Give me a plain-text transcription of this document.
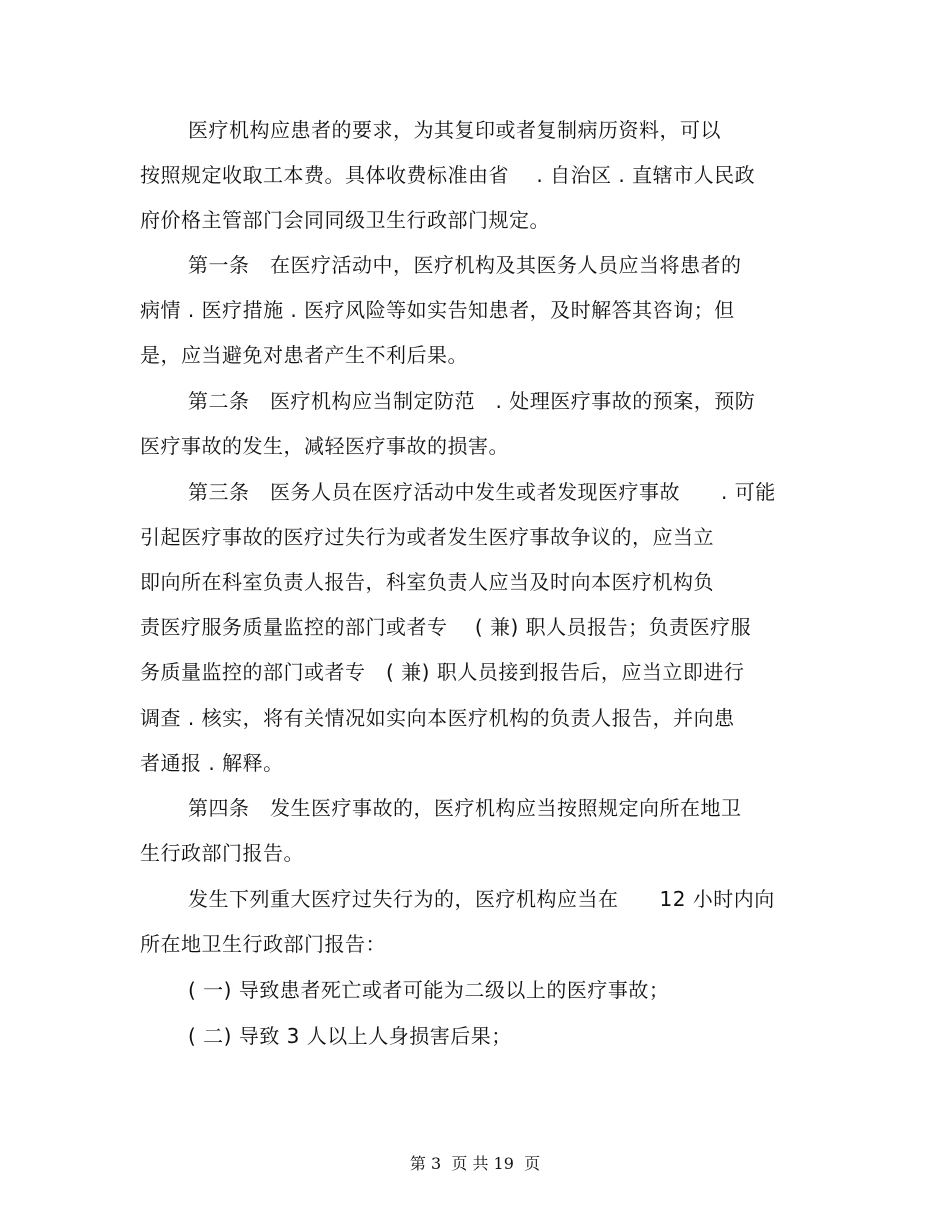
医疗机构应患者的要求，为其复印或者复制病历资料，可以
按照规定收取工本费。具体收费标准由省　 . 自治区 . 直辖市人民政
府价格主管部门会同同级卫生行政部门规定。
第一条　在医疗活动中，医疗机构及其医务人员应当将患者的
病情 . 医疗措施 . 医疗风险等如实告知患者，及时解答其咨询；但
是，应当避免对患者产生不利后果。
第二条　医疗机构应当制定防范　. 处理医疗事故的预案，预防
医疗事故的发生，减轻医疗事故的损害。
第三条　医务人员在医疗活动中发生或者发现医疗事故　　. 可能
引起医疗事故的医疗过失行为或者发生医疗事故争议的，应当立
即向所在科室负责人报告，科室负责人应当及时向本医疗机构负
责医疗服务质量监控的部门或者专　 ( 兼) 职人员报告；负责医疗服
务质量监控的部门或者专　( 兼) 职人员接到报告后，应当立即进行
调查 . 核实，将有关情况如实向本医疗机构的负责人报告，并向患
者通报 . 解释。
第四条　发生医疗事故的，医疗机构应当按照规定向所在地卫
生行政部门报告。
发生下列重大医疗过失行为的，医疗机构应当在　　12 小时内向
所在地卫生行政部门报告：
( 一) 导致患者死亡或者可能为二级以上的医疗事故；
( 二) 导致 3 人以上人身损害后果；
第 3  页 共 19  页
